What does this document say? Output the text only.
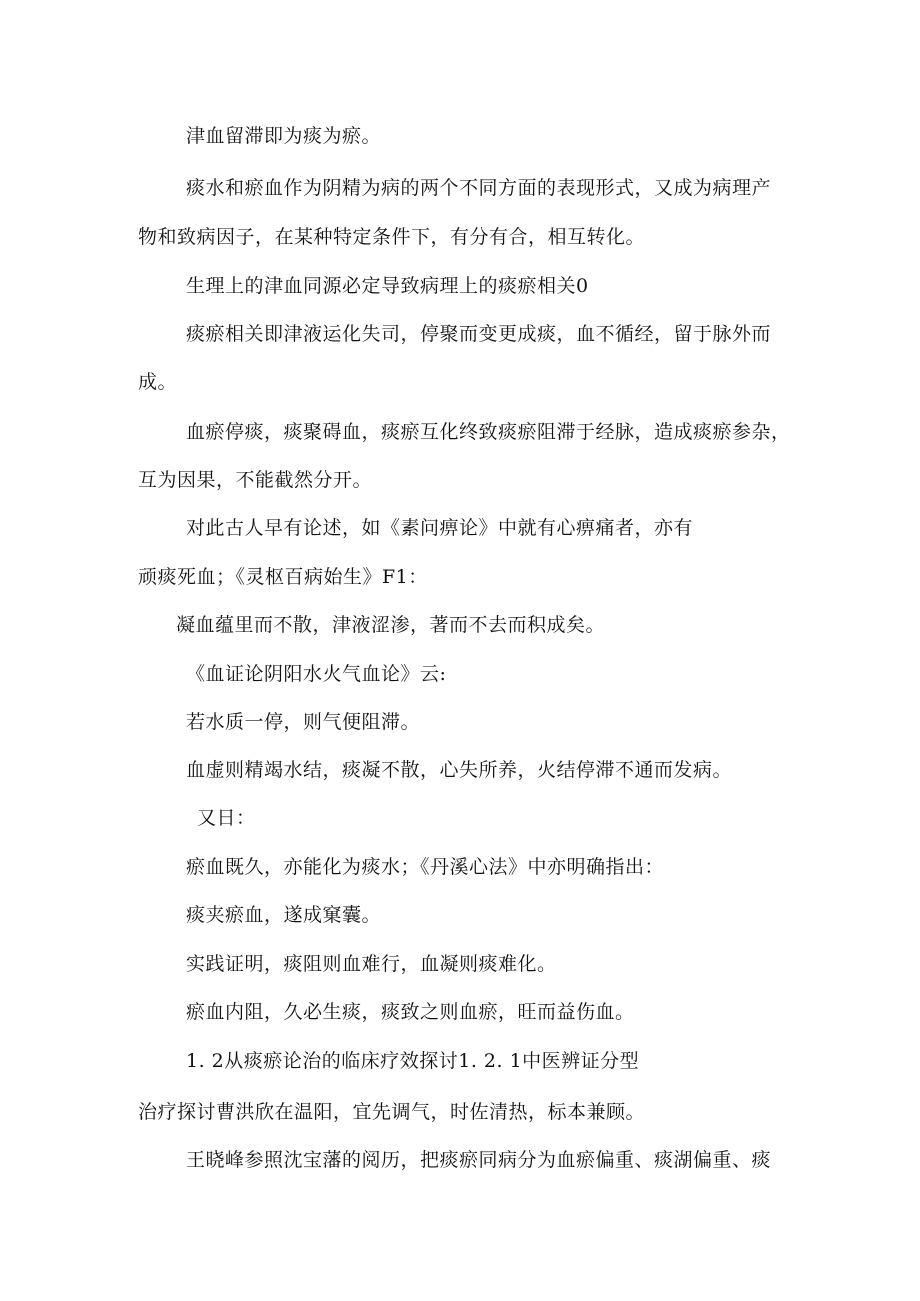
津血留滞即为痰为瘀。
痰水和瘀血作为阴精为病的两个不同方面的表现形式，又成为病理产
物和致病因子，在某种特定条件下，有分有合，相互转化。
生理上的津血同源必定导致病理上的痰瘀相关0
痰瘀相关即津液运化失司，停聚而变更成痰，血不循经，留于脉外而
成。
血瘀停痰，痰聚碍血，痰瘀互化终致痰瘀阻滞于经脉，造成痰瘀参杂，
互为因果，不能截然分开。
对此古人早有论述，如《素问痹论》中就有心痹痛者，亦有
顽痰死血；《灵枢百病始生》F1：
凝血蕴里而不散，津液涩渗，著而不去而积成矣。
《血证论阴阳水火气血论》云:
若水质一停，则气便阻滞。
血虚则精竭水结，痰凝不散，心失所养，火结停滞不通而发病。
又日：
瘀血既久，亦能化为痰水；《丹溪心法》中亦明确指出：
痰夹瘀血，遂成窠囊。
实践证明，痰阻则血难行，血凝则痰难化。
瘀血内阻，久必生痰，痰致之则血瘀，旺而益伤血。
1. 2从痰瘀论治的临床疗效探讨1. 2. 1中医辨证分型
治疗探讨曹洪欣在温阳，宜先调气，时佐清热，标本兼顾。
王晓峰参照沈宝藩的阅历，把痰瘀同病分为血瘀偏重、痰湖偏重、痰
